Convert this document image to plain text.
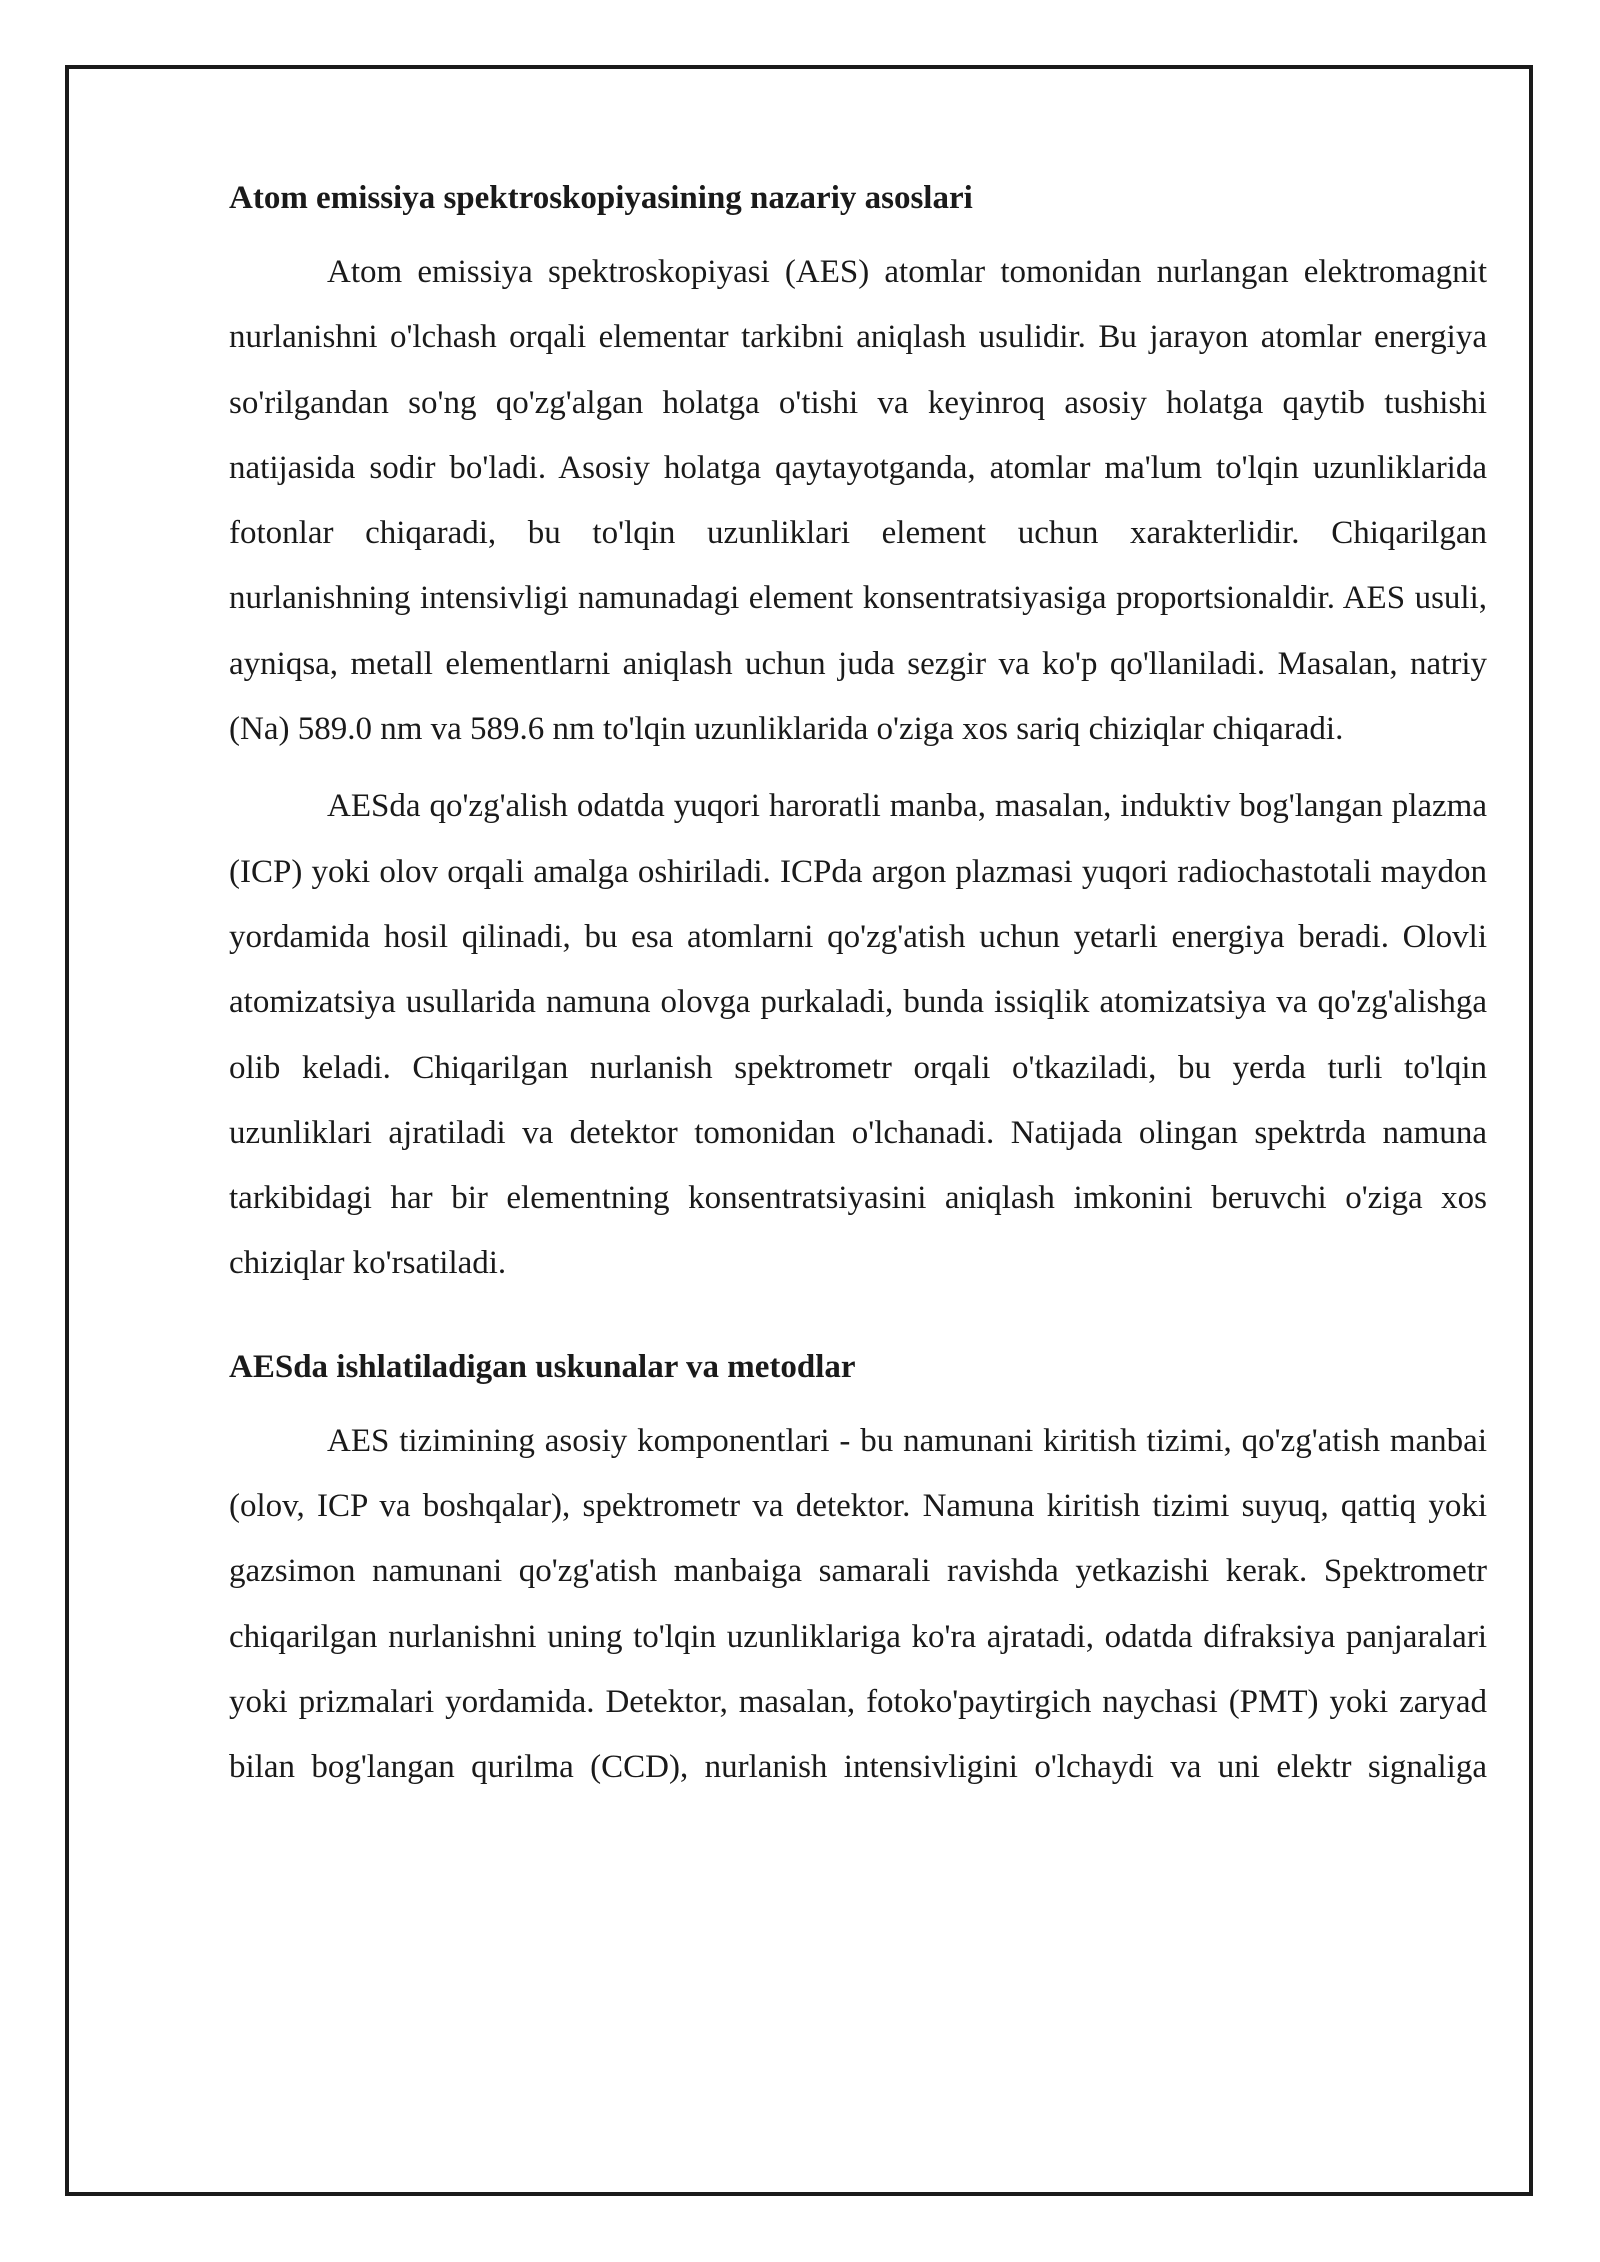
Atom emissiya spektroskopiyasining nazariy asoslari

Atom emissiya spektroskopiyasi (AES) atomlar tomonidan nurlangan elektromagnit nurlanishni o'lchash orqali elementar tarkibni aniqlash usulidir. Bu jarayon atomlar energiya so'rilgandan so'ng qo'zg'algan holatga o'tishi va keyinroq asosiy holatga qaytib tushishi natijasida sodir bo'ladi. Asosiy holatga qaytayotganda, atomlar ma'lum to'lqin uzunliklarida fotonlar chiqaradi, bu to'lqin uzunliklari element uchun xarakterlidir. Chiqarilgan nurlanishning intensivligi namunadagi element konsentratsiyasiga proportsionaldir. AES usuli, ayniqsa, metall elementlarni aniqlash uchun juda sezgir va ko'p qo'llaniladi. Masalan, natriy (Na) 589.0 nm va 589.6 nm to'lqin uzunliklarida o'ziga xos sariq chiziqlar chiqaradi.

AESda qo'zg'alish odatda yuqori haroratli manba, masalan, induktiv bog'langan plazma (ICP) yoki olov orqali amalga oshiriladi. ICPda argon plazmasi yuqori radiochastotali maydon yordamida hosil qilinadi, bu esa atomlarni qo'zg'atish uchun yetarli energiya beradi. Olovli atomizatsiya usullarida namuna olovga purkaladi, bunda issiqlik atomizatsiya va qo'zg'alishga olib keladi. Chiqarilgan nurlanish spektrometr orqali o'tkaziladi, bu yerda turli to'lqin uzunliklari ajratiladi va detektor tomonidan o'lchanadi. Natijada olingan spektrda namuna tarkibidagi har bir elementning konsentratsiyasini aniqlash imkonini beruvchi o'ziga xos chiziqlar ko'rsatiladi.

AESda ishlatiladigan uskunalar va metodlar

AES tizimining asosiy komponentlari - bu namunani kiritish tizimi, qo'zg'atish manbai (olov, ICP va boshqalar), spektrometr va detektor. Namuna kiritish tizimi suyuq, qattiq yoki gazsimon namunani qo'zg'atish manbaiga samarali ravishda yetkazishi kerak. Spektrometr chiqarilgan nurlanishni uning to'lqin uzunliklariga ko'ra ajratadi, odatda difraksiya panjaralari yoki prizmalari yordamida. Detektor, masalan, fotoko'paytirgich naychasi (PMT) yoki zaryad bilan bog'langan qurilma (CCD), nurlanish intensivligini o'lchaydi va uni elektr signaliga
